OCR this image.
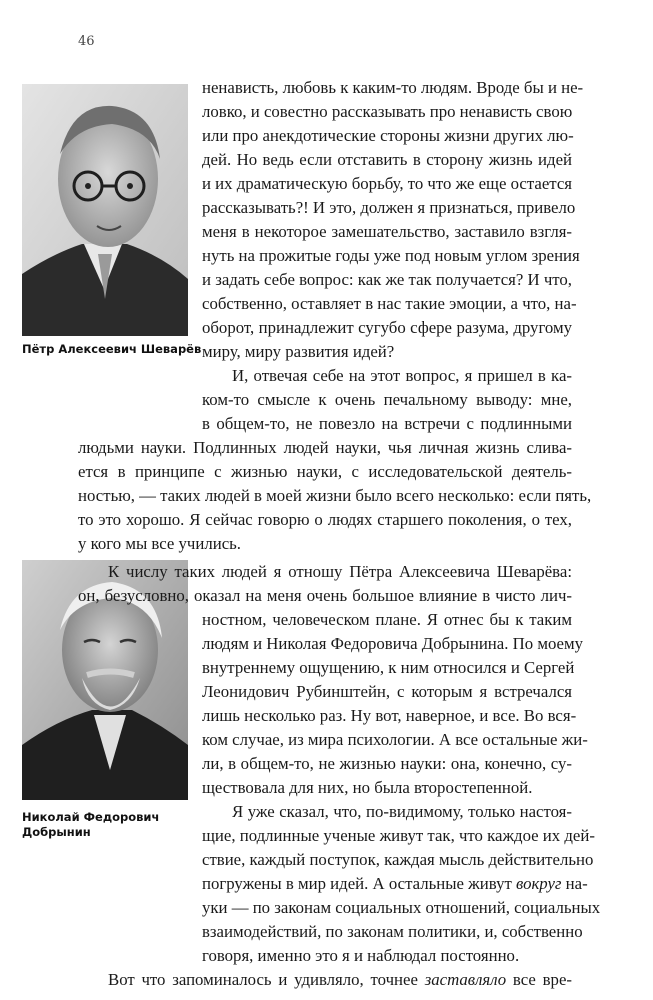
46
Пётр Алексеевич Шеварёв
Николай Федорович
Добрынин
ненависть, любовь к каким-то людям. Вроде бы и не-
ловко, и совестно рассказывать про ненависть свою
или про анекдотические стороны жизни других лю-
дей. Но ведь если отставить в сторону жизнь идей
и их драматическую борьбу, то что же еще остается
рассказывать?! И это, должен я признаться, привело
меня в некоторое замешательство, заставило взгля-
нуть на прожитые годы уже под новым углом зрения
и задать себе вопрос: как же так получается? И что,
собственно, оставляет в нас такие эмоции, а что, на-
оборот, принадлежит сугубо сфере разума, другому
миру, миру развития идей?
И, отвечая себе на этот вопрос, я пришел в ка-
ком-то смысле к очень печальному выводу: мне,
в общем-то, не повезло на встречи с подлинными
людьми науки. Подлинных людей науки, чья личная жизнь слива-
ется в принципе с жизнью науки, с исследовательской деятель-
ностью, — таких людей в моей жизни было всего несколько: если пять,
то это хорошо. Я сейчас говорю о людях старшего поколения, о тех,
у кого мы все учились.
К числу таких людей я отношу Пётра Алексеевича Шеварёва:
он, безусловно, оказал на меня очень большое влияние в чисто лич-
ностном, человеческом плане. Я отнес бы к таким
людям и Николая Федоровича Добрынина. По моему
внутреннему ощущению, к ним относился и Сергей
Леонидович Рубинштейн, с которым я встречался
лишь несколько раз. Ну вот, наверное, и все. Во вся-
ком случае, из мира психологии. А все остальные жи-
ли, в общем-то, не жизнью науки: она, конечно, су-
ществовала для них, но была второстепенной.
Я уже сказал, что, по-видимому, только настоя-
щие, подлинные ученые живут так, что каждое их дей-
ствие, каждый поступок, каждая мысль действительно
погружены в мир идей. А остальные живут вокруг на-
уки — по законам социальных отношений, социальных
взаимодействий, по законам политики, и, собственно
говоря, именно это я и наблюдал постоянно.
Вот что запоминалось и удивляло, точнее заставляло все вре-
